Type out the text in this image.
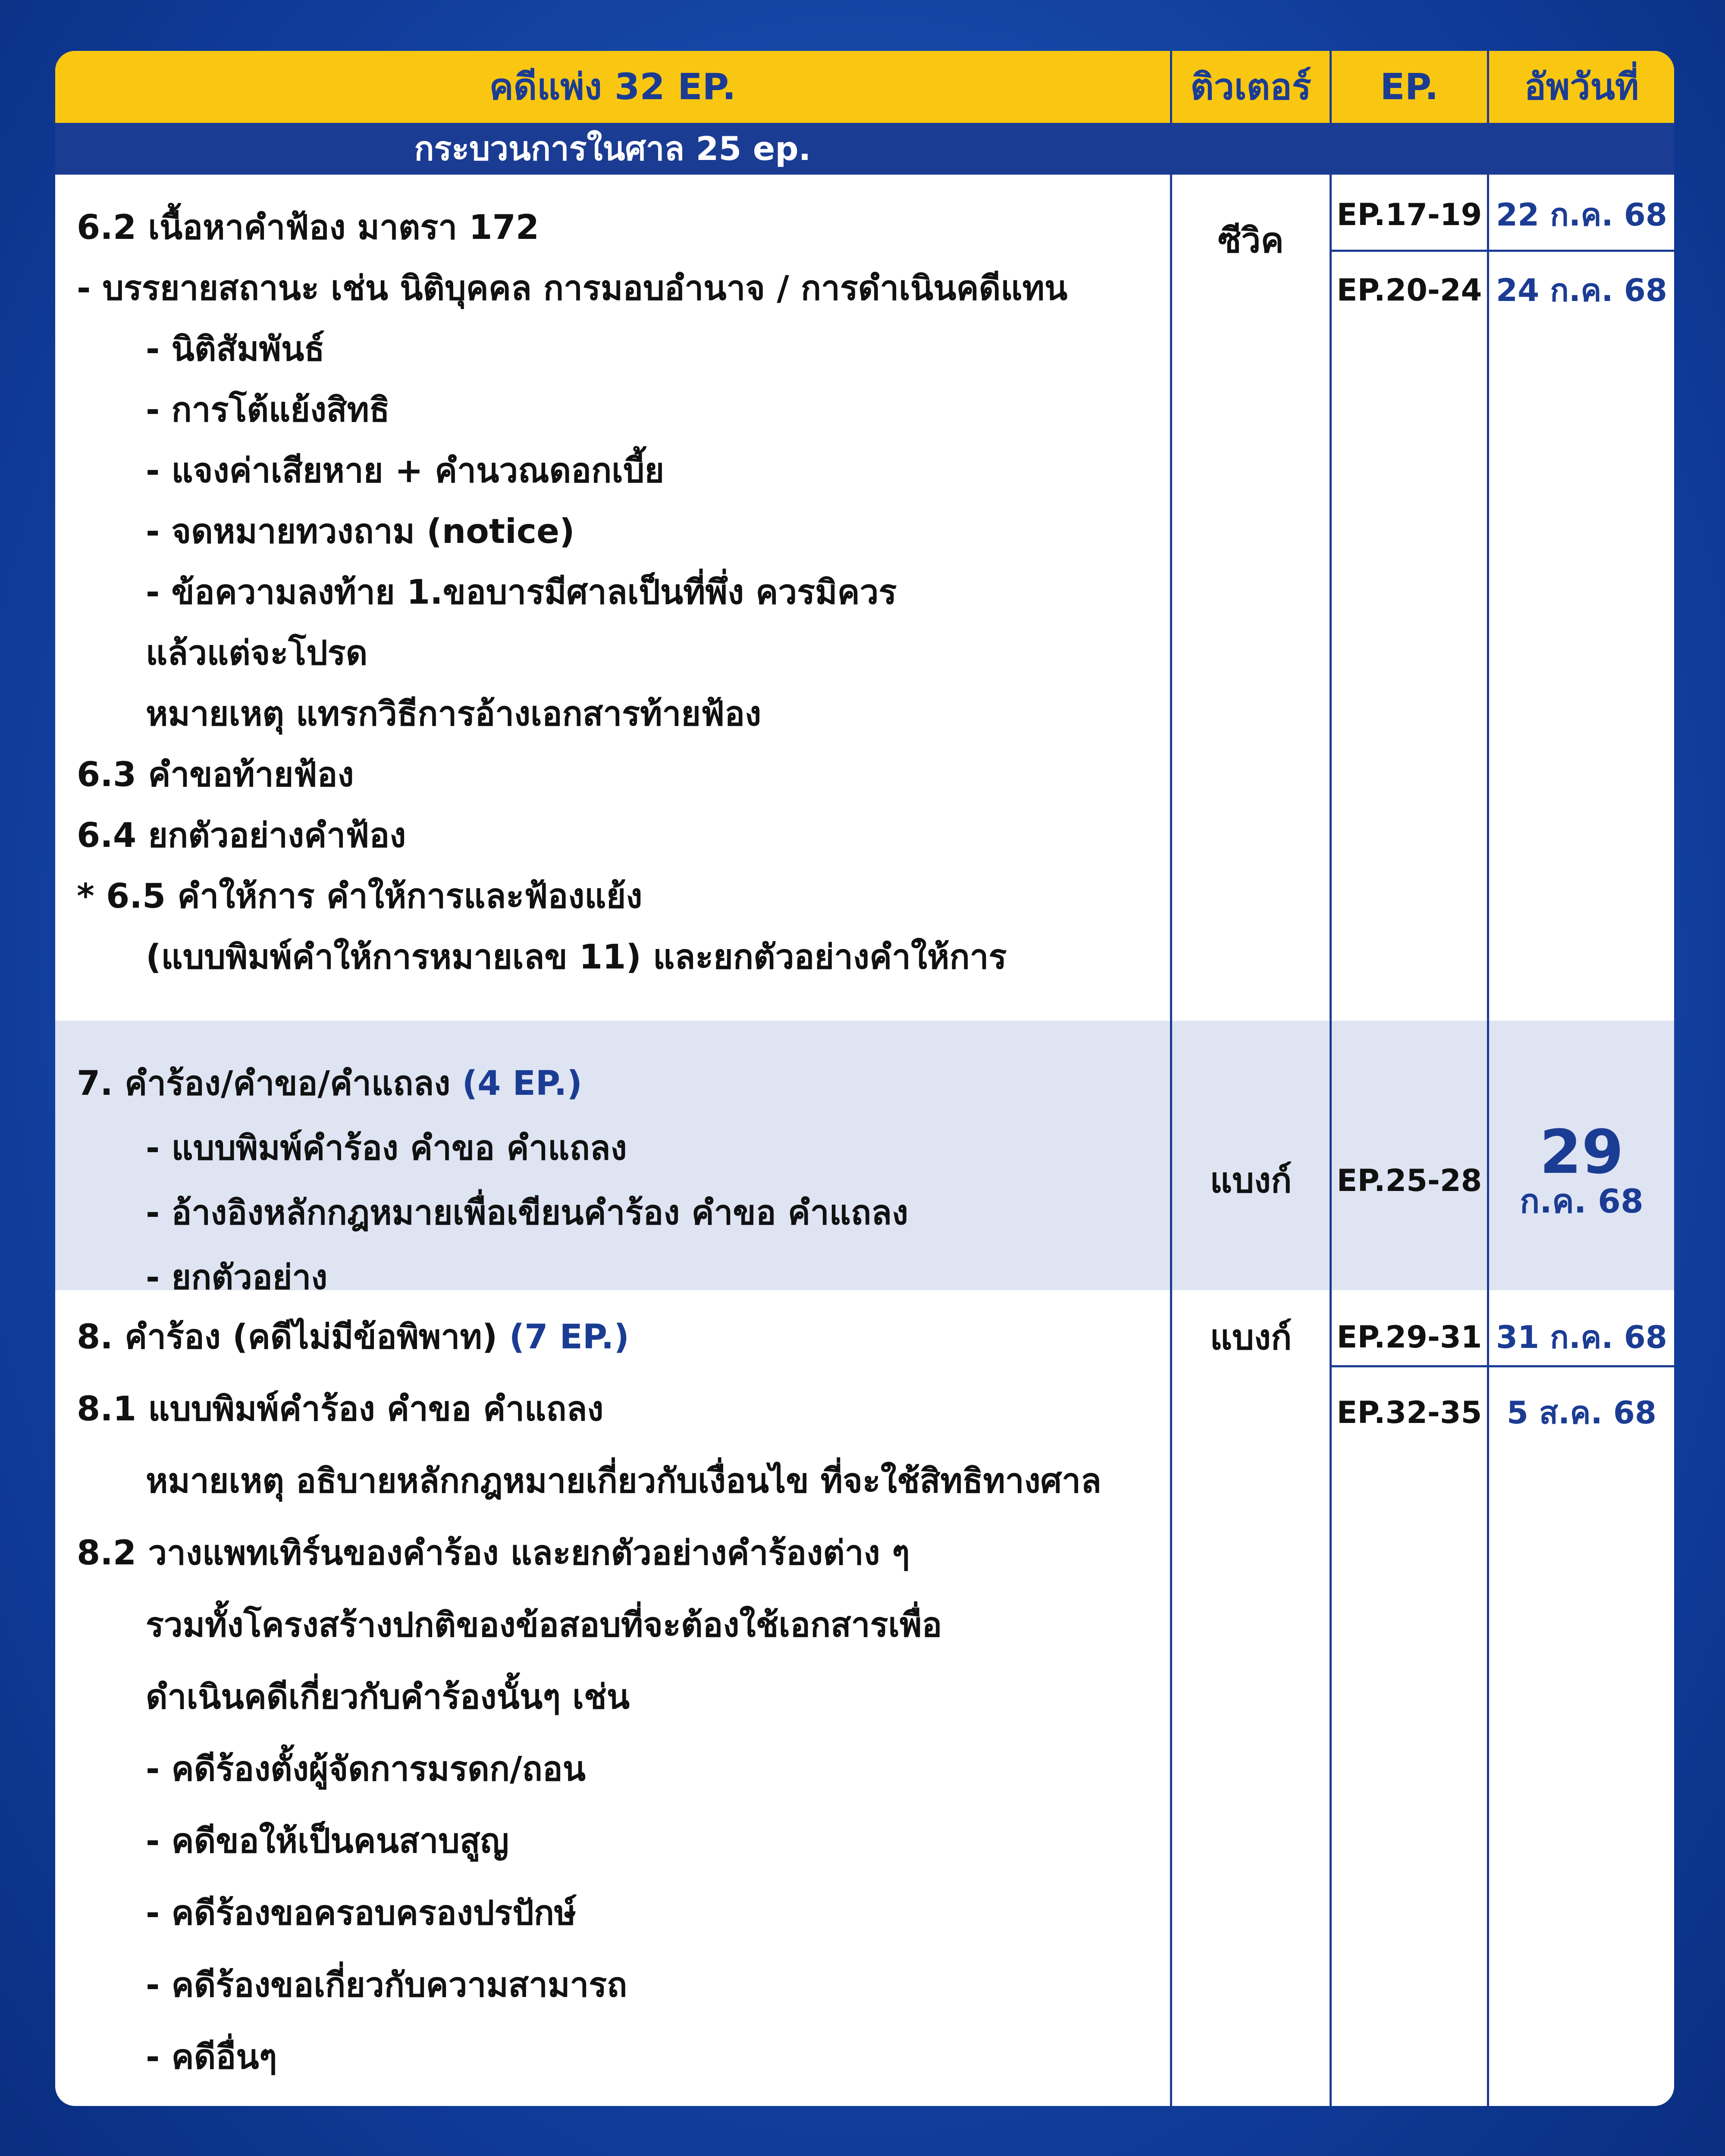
คดีแพ่ง 32 EP.	ติวเตอร์	EP.	อัพวันที่
กระบวนการในศาล 25 ep.
6.2 เนื้อหาคำฟ้อง มาตรา 172
- บรรยายสถานะ เช่น นิติบุคคล การมอบอำนาจ / การดำเนินคดีแทน
- นิติสัมพันธ์
- การโต้แย้งสิทธิ
- แจงค่าเสียหาย + คำนวณดอกเบี้ย
- จดหมายทวงถาม (notice)
- ข้อความลงท้าย 1.ขอบารมีศาลเป็นที่พึ่ง ควรมิควร
แล้วแต่จะโปรด
หมายเหตุ แทรกวิธีการอ้างเอกสารท้ายฟ้อง
6.3 คำขอท้ายฟ้อง
6.4 ยกตัวอย่างคำฟ้อง
* 6.5 คำให้การ คำให้การและฟ้องแย้ง
(แบบพิมพ์คำให้การหมายเลข 11) และยกตัวอย่างคำให้การ
ซีวิค
EP.17-19 22 ก.ค. 68
EP.20-24 24 ก.ค. 68
7. คำร้อง/คำขอ/คำแถลง (4 EP.)
- แบบพิมพ์คำร้อง คำขอ คำแถลง
- อ้างอิงหลักกฎหมายเพื่อเขียนคำร้อง คำขอ คำแถลง
- ยกตัวอย่าง
แบงก์	EP.25-28 29
ก.ค. 68
8. คำร้อง (คดีไม่มีข้อพิพาท) (7 EP.)
8.1 แบบพิมพ์คำร้อง คำขอ คำแถลง
หมายเหตุ อธิบายหลักกฎหมายเกี่ยวกับเงื่อนไข ที่จะใช้สิทธิทางศาล
8.2 วางแพทเทิร์นของคำร้อง และยกตัวอย่างคำร้องต่าง ๆ
รวมทั้งโครงสร้างปกติของข้อสอบที่จะต้องใช้เอกสารเพื่อ
ดำเนินคดีเกี่ยวกับคำร้องนั้นๆ เช่น
- คดีร้องตั้งผู้จัดการมรดก/ถอน
- คดีขอให้เป็นคนสาบสูญ
- คดีร้องขอครอบครองปรปักษ์
- คดีร้องขอเกี่ยวกับความสามารถ
- คดีอื่นๆ
แบงก์	EP.29-31 31 ก.ค. 68
EP.32-35 5 ส.ค. 68
